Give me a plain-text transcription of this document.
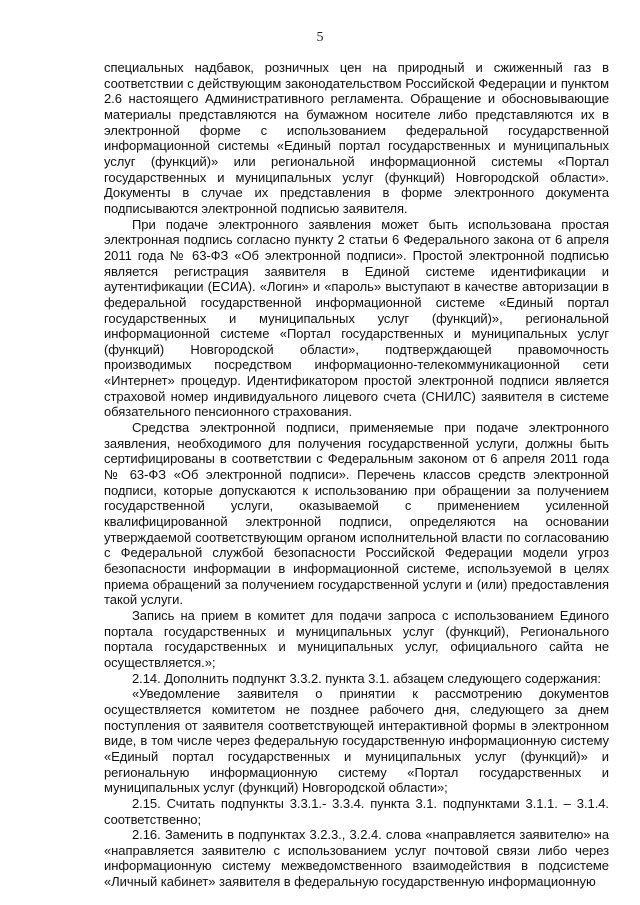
5

специальных надбавок, розничных цен на природный и сжиженный газ в соответствии с действующим законодательством Российской Федерации и пунктом 2.6 настоящего Административного регламента. Обращение и обосновывающие материалы представляются на бумажном носителе либо представляются их в электронной форме с использованием федеральной государственной информационной системы «Единый портал государственных и муниципальных услуг (функций)» или региональной информационной системы «Портал государственных и муниципальных услуг (функций) Новгородской области». Документы в случае их представления в форме электронного документа подписываются электронной подписью заявителя.

При подаче электронного заявления может быть использована простая электронная подпись согласно пункту 2 статьи 6 Федерального закона от 6 апреля 2011 года № 63-ФЗ «Об электронной подписи». Простой электронной подписью является регистрация заявителя в Единой системе идентификации и аутентификации (ЕСИА). «Логин» и «пароль» выступают в качестве авторизации в федеральной государственной информационной системе «Единый портал государственных и муниципальных услуг (функций)», региональной информационной системе «Портал государственных и муниципальных услуг (функций) Новгородской области», подтверждающей правомочность производимых посредством информационно-телекоммуникационной сети «Интернет» процедур. Идентификатором простой электронной подписи является страховой номер индивидуального лицевого счета (СНИЛС) заявителя в системе обязательного пенсионного страхования.

Средства электронной подписи, применяемые при подаче электронного заявления, необходимого для получения государственной услуги, должны быть сертифицированы в соответствии с Федеральным законом от 6 апреля 2011 года № 63-ФЗ «Об электронной подписи». Перечень классов средств электронной подписи, которые допускаются к использованию при обращении за получением государственной услуги, оказываемой с применением усиленной квалифицированной электронной подписи, определяются на основании утверждаемой соответствующим органом исполнительной власти по согласованию с Федеральной службой безопасности Российской Федерации модели угроз безопасности информации в информационной системе, используемой в целях приема обращений за получением государственной услуги и (или) предоставления такой услуги.

Запись на прием в комитет для подачи запроса с использованием Единого портала государственных и муниципальных услуг (функций), Регионального портала государственных и муниципальных услуг, официального сайта не осуществляется.»;

2.14. Дополнить подпункт 3.3.2. пункта 3.1. абзацем следующего содержания:

«Уведомление заявителя о принятии к рассмотрению документов осуществляется комитетом не позднее рабочего дня, следующего за днем поступления от заявителя соответствующей интерактивной формы в электронном виде, в том числе через федеральную государственную информационную систему «Единый портал государственных и муниципальных услуг (функций)» и региональную информационную систему «Портал государственных и муниципальных услуг (функций) Новгородской области»;

2.15. Считать подпункты 3.3.1.- 3.3.4. пункта 3.1. подпунктами 3.1.1. – 3.1.4. соответственно;

2.16. Заменить в подпунктах 3.2.3., 3.2.4. слова «направляется заявителю» на «направляется заявителю с использованием услуг почтовой связи либо через информационную систему межведомственного взаимодействия в подсистеме «Личный кабинет» заявителя в федеральную государственную информационную
